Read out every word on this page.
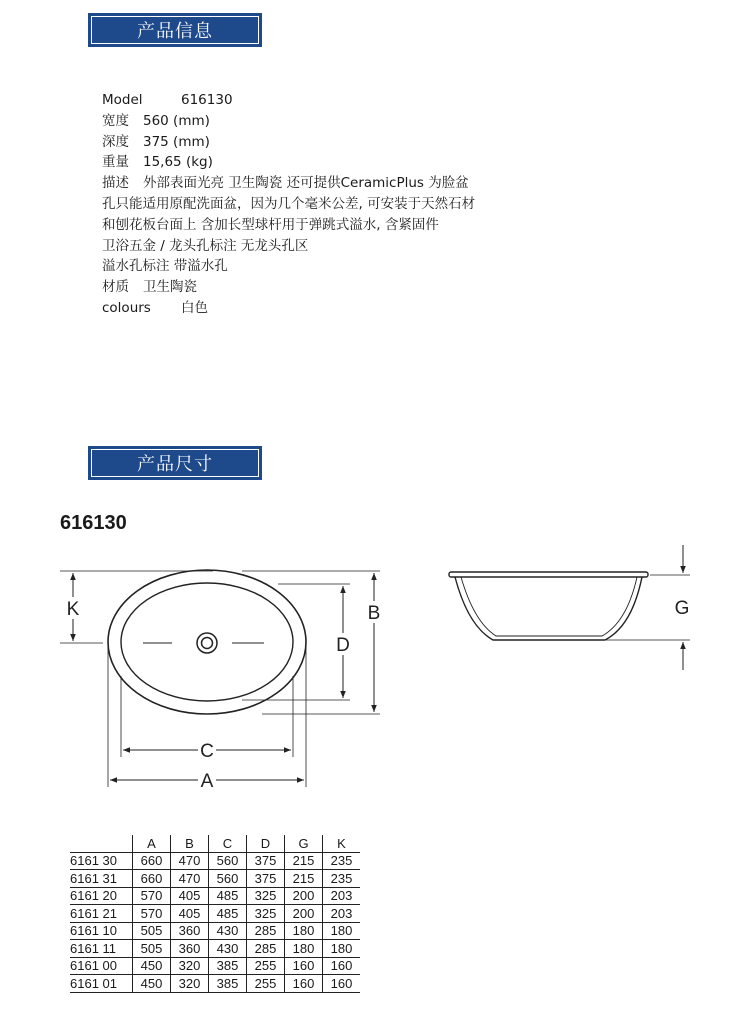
产品信息
Model	616130
宽度 560 (mm)
深度 375 (mm)
重量 15,65 (kg)
描述 外部表面光亮 卫生陶瓷 还可提供CeramicPlus 为脸盆
孔只能适用原配洗面盆，因为几个毫米公差, 可安装于天然石材
和刨花板台面上 含加长型球杆用于弹跳式溢水, 含紧固件
卫浴五金 / 龙头孔标注 无龙头孔区
溢水孔标注 带溢水孔
材质 卫生陶瓷
colours 白色
产品尺寸
616130
K
D
B
C
A
G
	A	B	C	D	G	K
6161 30	660	470	560	375	215	235
6161 31	660	470	560	375	215	235
6161 20	570	405	485	325	200	203
6161 21	570	405	485	325	200	203
6161 10	505	360	430	285	180	180
6161 11	505	360	430	285	180	180
6161 00	450	320	385	255	160	160
6161 01	450	320	385	255	160	160
